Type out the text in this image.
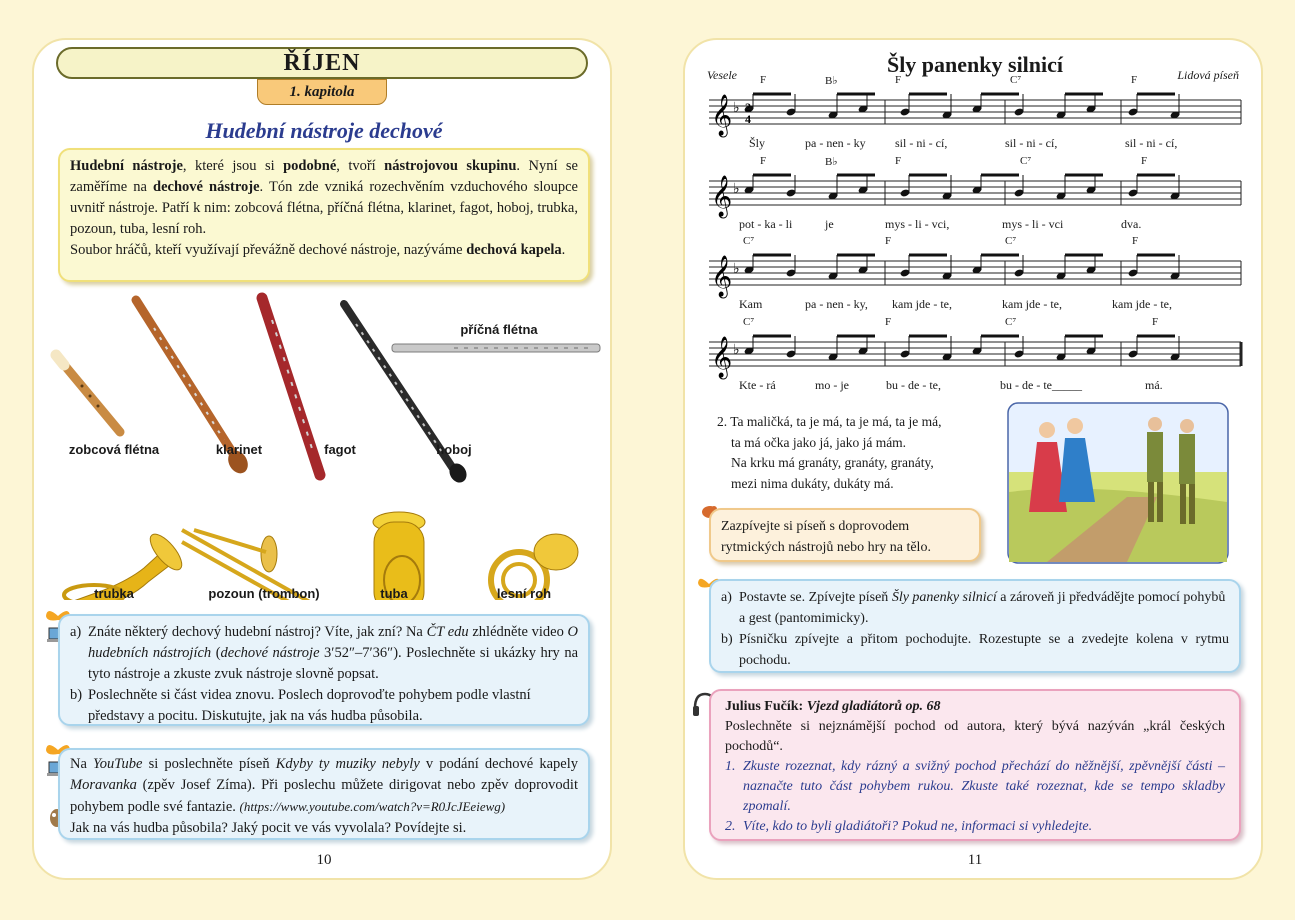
ŘÍJEN
1. kapitola
Hudební nástroje dechové
Hudební nástroje, které jsou si podobné, tvoří nástrojovou skupinu. Nyní se zaměříme na dechové nástroje. Tón zde vzniká rozechvěním vzduchového sloupce uvnitř nástroje. Patří k nim: zobcová flétna, příčná flétna, klarinet, fagot, hoboj, trubka, pozoun, tuba, lesní roh.
Soubor hráčů, kteří využívají převážně dechové nástroje, nazýváme dechová kapela.
zobcová flétna	klarinet	fagot	hoboj
příčná flétna
trubka	pozoun (trombon)	tuba	lesní roh
a) Znáte některý dechový hudební nástroj? Víte, jak zní? Na ČT edu zhlédněte video O hudebních nástrojích (dechové nástroje 3′52″–7′36″). Poslechněte si ukázky hry na tyto nástroje a zkuste zvuk nástroje slovně popsat.
b) Poslechněte si část videa znovu. Poslech doprovoďte pohybem podle vlastní představy a pocitu. Diskutujte, jak na vás hudba působila.
Na YouTube si poslechněte píseň Kdyby ty muziky nebyly v podání dechové kapely Moravanka (zpěv Josef Zíma). Při poslechu můžete dirigovat nebo zpěv doprovodit pohybem podle své fantazie. (https://www.youtube.com/watch?v=R0JcJEeiewg)
Jak na vás hudba působila? Jaký pocit ve vás vyvolala? Povídejte si.
10
Šly panenky silnicí
Vesele	Lidová píseň
𝄞 ♭
𝄞 ♭
𝄞 ♭
𝄞 ♭
2
4
F	B♭	F	C⁷	F
F	B♭	F	C⁷	F
C⁷	F	C⁷	F
C⁷	F	C⁷	F
Šly	pa - nen - ky sil - ni - cí,	sil - ni - cí,	sil - ni - cí,
pot - ka - li	je	mys - li - vci,	mys - li - vci	dva.
Kam	pa - nen - ky, kam jde - te,	kam jde - te,	kam jde - te,
Kte - rá	mo - je	bu - de - te,	bu - de - te_____	má.
2. Ta maličká, ta je má, ta je má, ta je má,
ta má očka jako já, jako já mám.
Na krku má granáty, granáty, granáty,
mezi nima dukáty, dukáty má.
Zazpívejte si píseň s doprovodem rytmických nástrojů nebo hry na tělo.
a) Postavte se. Zpívejte píseň Šly panenky silnicí a zároveň ji předvádějte pomocí pohybů a gest (pantomimicky).
b) Písničku zpívejte a přitom pochodujte. Rozestupte se a zvedejte kolena v rytmu pochodu.
Julius Fučík: Vjezd gladiátorů op. 68
Poslechněte si nejznámější pochod od autora, který bývá nazýván „král českých pochodů“.
1. Zkuste rozeznat, kdy rázný a svižný pochod přechází do něžnější, zpěvnější části – naznačte tuto část pohybem rukou. Zkuste také rozeznat, kde se tempo skladby zpomalí.
2. Víte, kdo to byli gladiátoři? Pokud ne, informaci si vyhledejte.
11
